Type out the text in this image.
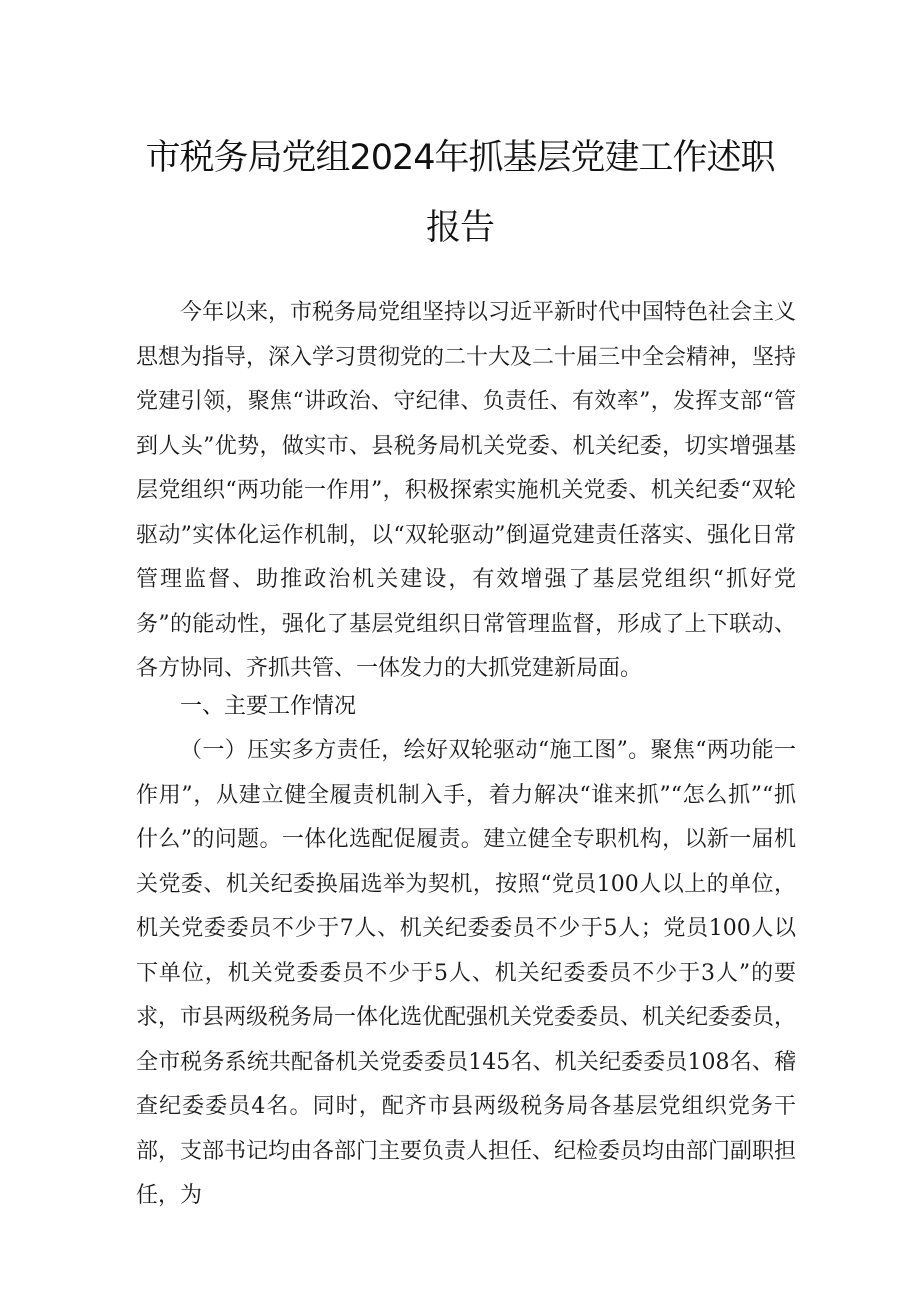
市税务局党组2024年抓基层党建工作述职
报告
今年以来，市税务局党组坚持以习近平新时代中国特色社会主义思想为指导，深入学习贯彻党的二十大及二十届三中全会精神，坚持党建引领，聚焦“讲政治、守纪律、负责任、有效率”，发挥支部“管到人头”优势，做实市、县税务局机关党委、机关纪委，切实增强基层党组织“两功能一作用”，积极探索实施机关党委、机关纪委“双轮驱动”实体化运作机制，以“双轮驱动”倒逼党建责任落实、强化日常管理监督、助推政治机关建设，有效增强了基层党组织“抓好党务”的能动性，强化了基层党组织日常管理监督，形成了上下联动、各方协同、齐抓共管、一体发力的大抓党建新局面。
一、主要工作情况
（一）压实多方责任，绘好双轮驱动“施工图”。聚焦“两功能一作用”，从建立健全履责机制入手，着力解决“谁来抓”“怎么抓”“抓什么”的问题。一体化选配促履责。建立健全专职机构，以新一届机关党委、机关纪委换届选举为契机，按照“党员100人以上的单位，机关党委委员不少于7人、机关纪委委员不少于5人；党员100人以下单位，机关党委委员不少于5人、机关纪委委员不少于3人”的要求，市县两级税务局一体化选优配强机关党委委员、机关纪委委员，全市税务系统共配备机关党委委员145名、机关纪委委员108名、稽查纪委委员4名。同时，配齐市县两级税务局各基层党组织党务干部，支部书记均由各部门主要负责人担任、纪检委员均由部门副职担任，为
